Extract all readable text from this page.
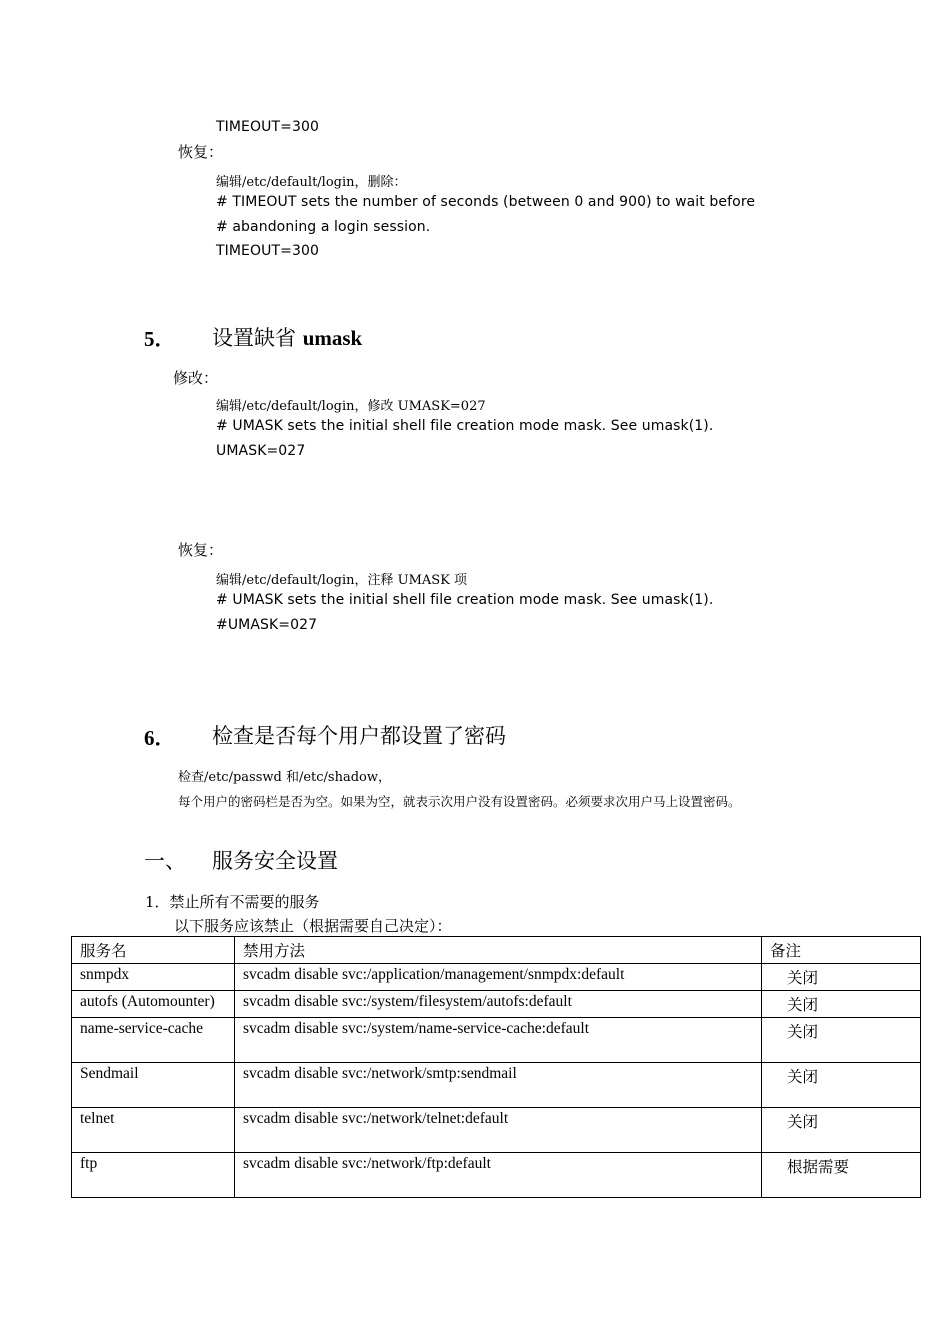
TIMEOUT=300
恢复：
编辑/etc/default/login，删除：
# TIMEOUT sets the number of seconds (between 0 and 900) to wait before
# abandoning a login session.
TIMEOUT=300
5． 设置缺省 umask
修改：
编辑/etc/default/login，修改 UMASK=027
# UMASK sets the initial shell file creation mode mask. See umask(1).
UMASK=027
恢复：
编辑/etc/default/login，注释 UMASK 项
# UMASK sets the initial shell file creation mode mask. See umask(1).
#UMASK=027
6． 检查是否每个用户都设置了密码
检查/etc/passwd 和/etc/shadow，
每个用户的密码栏是否为空。如果为空，就表示次用户没有设置密码。必须要求次用户马上设置密码。
一、 服务安全设置
1．禁止所有不需要的服务
以下服务应该禁止（根据需要自己决定）：
服务名	禁用方法	备注
snmpdx	svcadm disable svc:/application/management/snmpdx:default	关闭
autofs (Automounter)	svcadm disable svc:/system/filesystem/autofs:default	关闭
name-service-cache	svcadm disable svc:/system/name-service-cache:default	关闭
Sendmail	svcadm disable svc:/network/smtp:sendmail	关闭
telnet	svcadm disable svc:/network/telnet:default	关闭
ftp	svcadm disable svc:/network/ftp:default	根据需要
